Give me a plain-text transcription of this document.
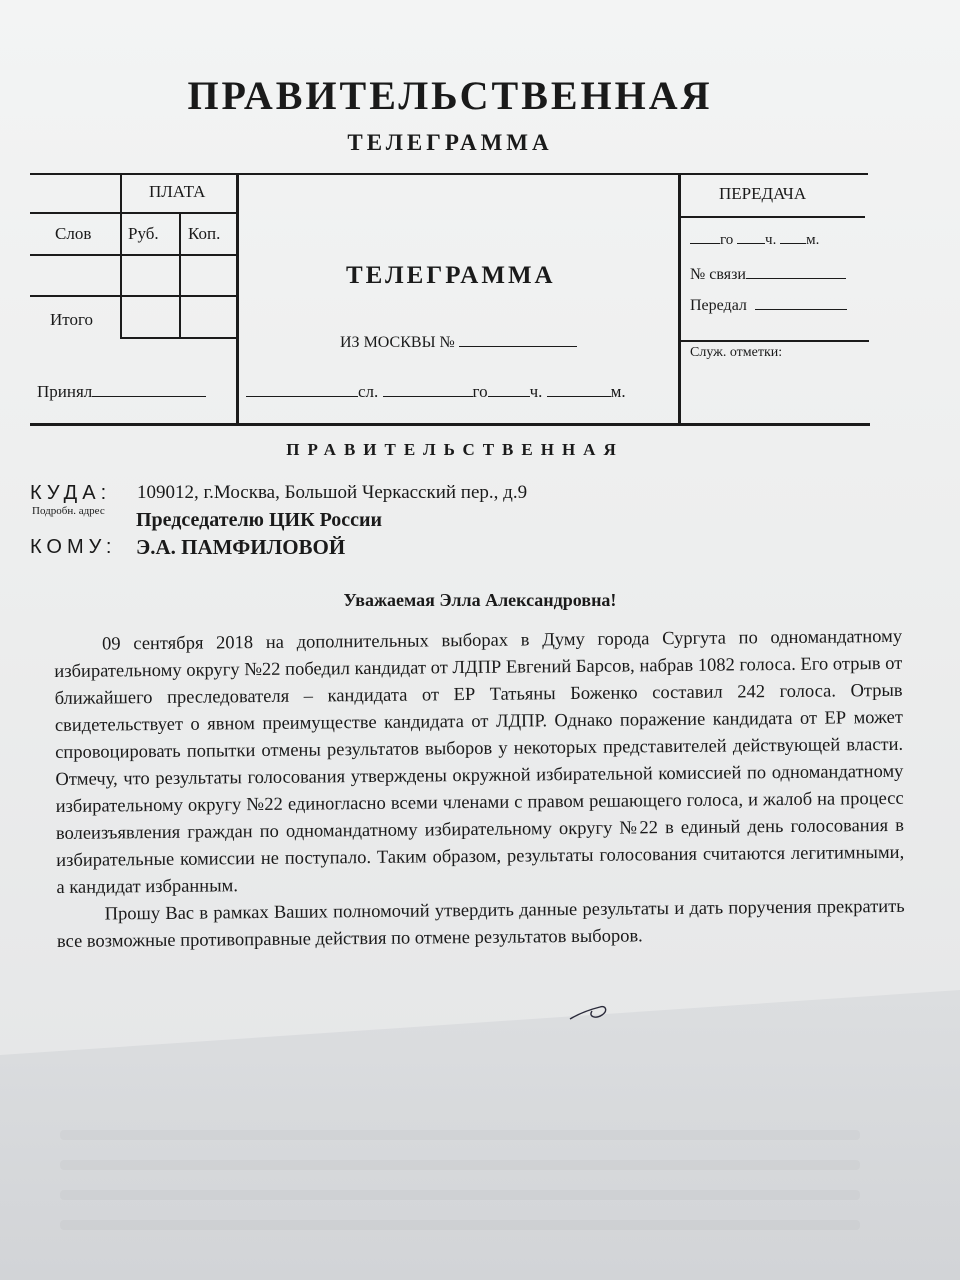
ПРАВИТЕЛЬСТВЕННАЯ
ТЕЛЕГРАММА
ПЛАТА
Слов Руб. Коп.
Итого
Принял
ТЕЛЕГРАММА
ИЗ МОСКВЫ №
сл.	го ч.	м.
ПЕРЕДАЧА
го ч. м.
№ связи
Передал
Служ. отметки:
ПРАВИТЕЛЬСТВЕННАЯ
КУДА:
Подробн. адрес
109012, г.Москва, Большой Черкасский пер., д.9
Председателю ЦИК России
КОМУ: Э.А. ПАМФИЛОВОЙ
Уважаемая Элла Александровна!

09 сентября 2018 на дополнительных выборах в Думу города Сургута по одномандатному избирательному округу №22 победил кандидат от ЛДПР Евгений Барсов, набрав 1082 голоса. Его отрыв от ближайшего преследователя – кандидата от ЕР Татьяны Боженко составил 242 голоса. Отрыв свидетельствует о явном преимуществе кандидата от ЛДПР. Однако поражение кандидата от ЕР может спровоцировать попытки отмены результатов выборов у некоторых представителей действующей власти. Отмечу, что результаты голосования утверждены окружной избирательной комиссией по одномандатному избирательному округу №22 единогласно всеми членами с правом решающего голоса, и жалоб на процесс волеизъявления граждан по одномандатному избирательному округу №22 в единый день голосования в избирательные комиссии не поступало. Таким образом, результаты голосования считаются легитимными, а кандидат избранным.

Прошу Вас в рамках Ваших полномочий утвердить данные результаты и дать поручения прекратить все возможные противоправные действия по отмене результатов выборов.
